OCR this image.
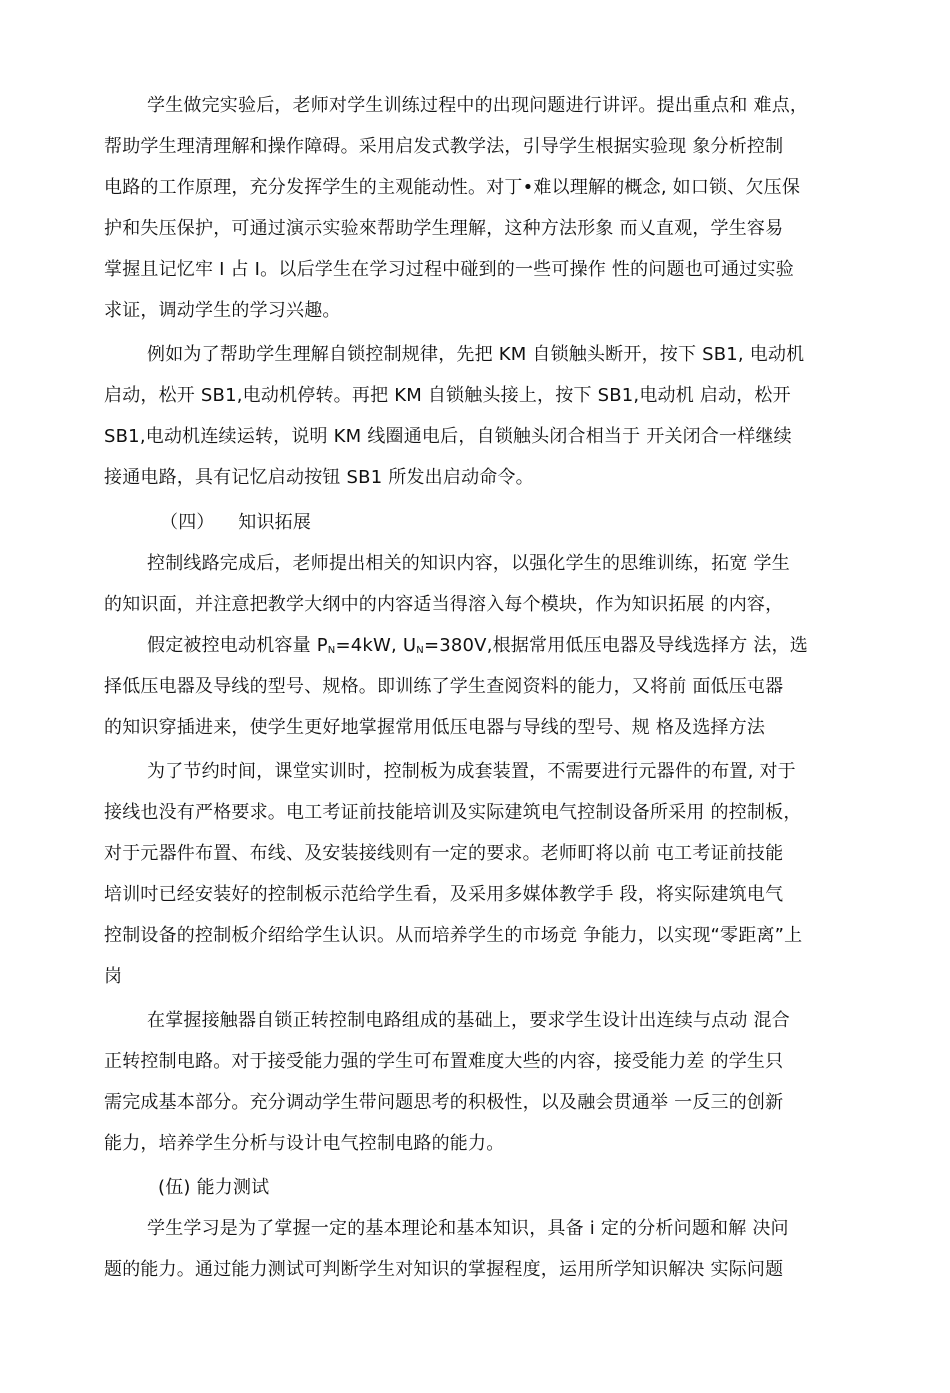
学生做完实验后，老师对学生训练过程中的出现问题进行讲评。提出重点和 难点，
帮助学生理清理解和操作障碍。采用启发式教学法，引导学生根据实验现 象分析控制
电路的工作原理，充分发挥学生的主观能动性。对丁•难以理解的概念, 如口锁、欠压保
护和失压保护，可通过演示实验來帮助学生理解，这种方法形象 而乂直观，学生容易
掌握且记忆牢 I 占 I。以后学生在学习过程中碰到的一些可操作 性的问题也可通过实验
求证，调动学生的学习兴趣。
例如为了帮助学生理解自锁控制规律，先把 KM 自锁触头断开，按下 SB1, 电动机
启动，松开 SB1,电动机停转。再把 KM 自锁触头接上，按下 SB1,电动机 启动，松开
SB1,电动机连续运转，说明 KM 线圈通电后，自锁触头闭合相当于 开关闭合一样继续
接通电路，具有记忆启动按钮 SB1 所发出启动命令。
（四）    知识拓展
控制线路完成后，老师提出相关的知识内容，以强化学生的思维训练，拓宽 学生
的知识面，并注意把教学大纲中的内容适当得溶入每个模块，作为知识拓展 的内容，
假定被控电动机容量 $P_N=4kW$, $U_N=380V$,根据常用低压电器及导线选择方 法，选
择低压电器及导线的型号、规格。即训练了学生查阅资料的能力，又将前 面低压屯器
的知识穿插进来，使学生更好地掌握常用低压电器与导线的型号、规 格及选择方法
为了节约时间，课堂实训时，控制板为成套装置，不需要进行元器件的布置, 对于
接线也没有严格要求。电工考证前技能培训及实际建筑电气控制设备所采用 的控制板，
对于元器件布置、布线、及安装接线则有一定的要求。老师町将以前 屯工考证前技能
培训吋已经安装好的控制板示范给学生看，及采用多媒体教学手 段，将实际建筑电气
控制设备的控制板介绍给学生认识。从而培养学生的市场竞 争能力，以实现“零距离”上
岗
在掌握接触器自锁正转控制电路组成的基础上，要求学生设计出连续与点动 混合
正转控制电路。对于接受能力强的学生可布置难度大些的内容，接受能力差 的学生只
需完成基本部分。充分调动学生带问题思考的积极性，以及融会贯通举 一反三的创新
能力，培养学生分析与设计电气控制电路的能力。
(伍) 能力测试
学生学习是为了掌握一定的基本理论和基本知识，具备 i 定的分析问题和解 决问
题的能力。通过能力测试可判断学生对知识的掌握程度，运用所学知识解决 实际问题
